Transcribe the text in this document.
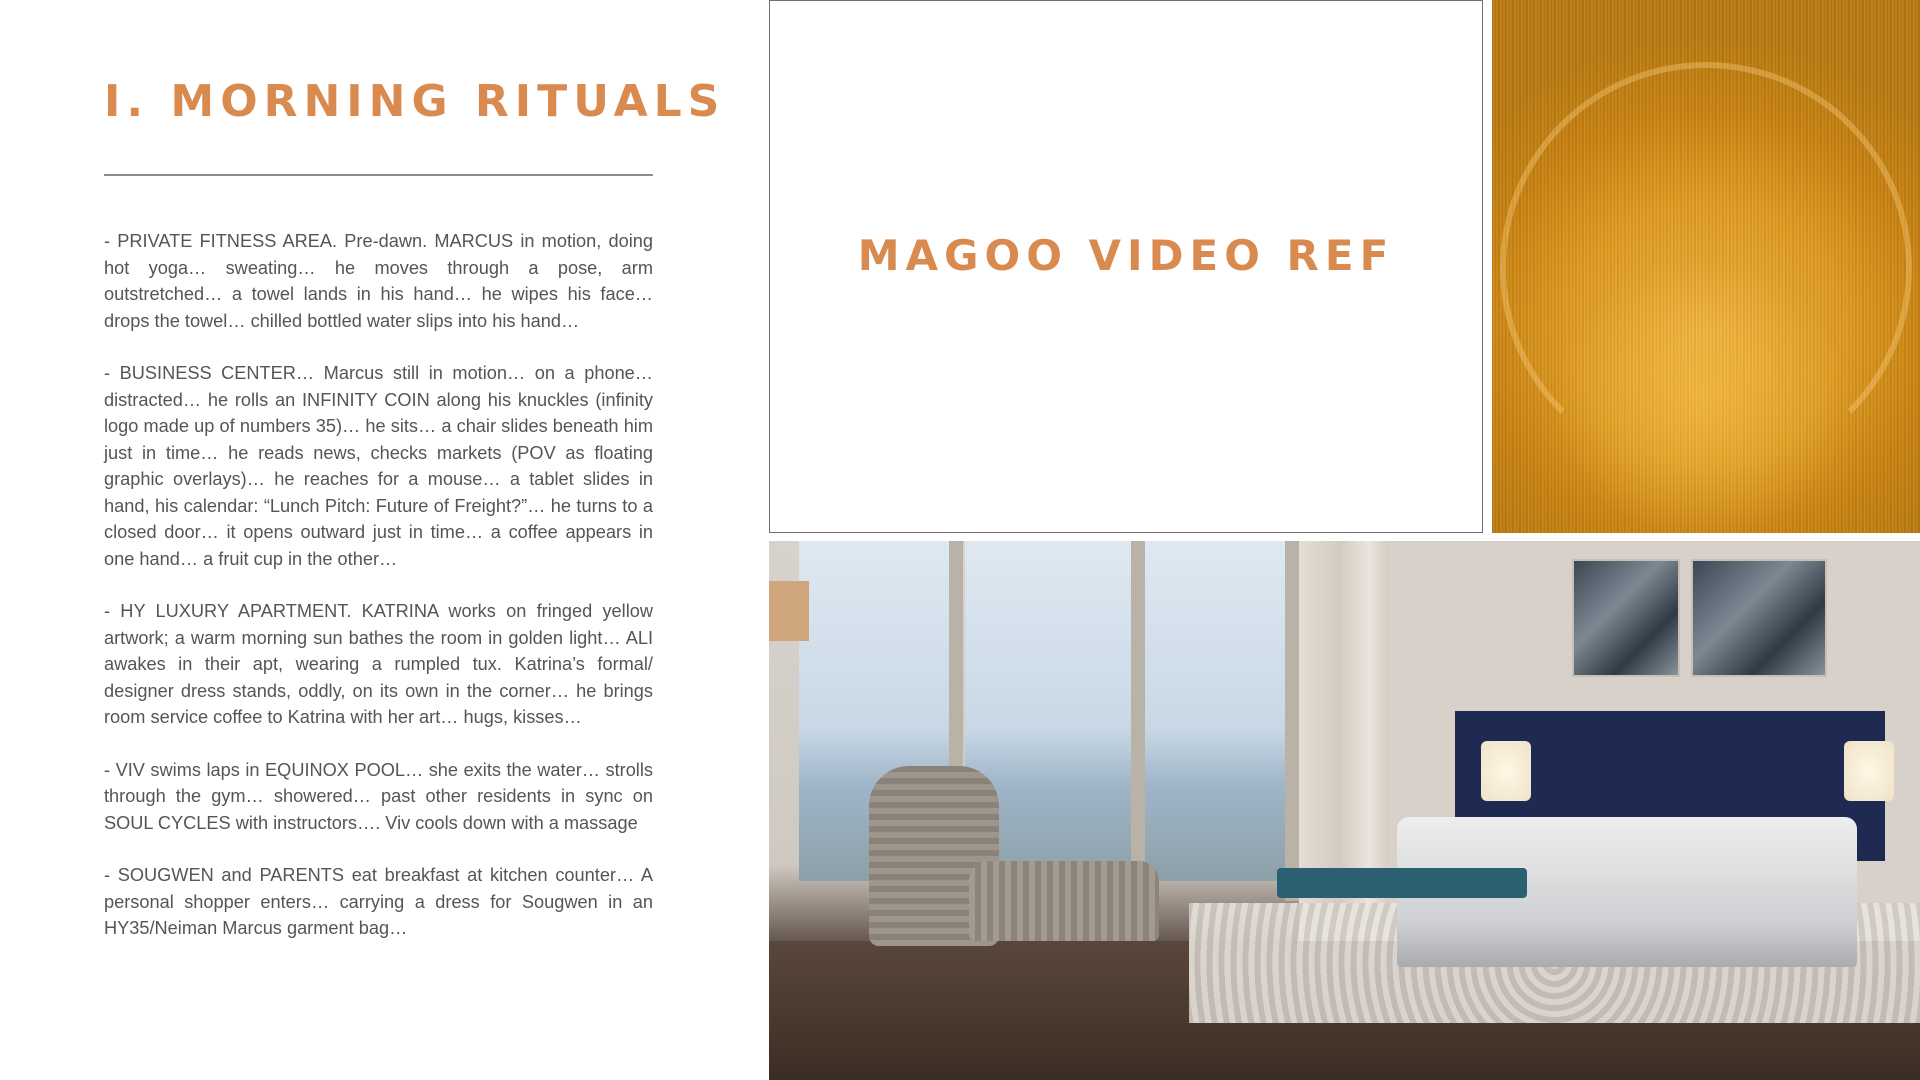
I. MORNING RITUALS

- PRIVATE FITNESS AREA. Pre-dawn. MARCUS in motion, doing hot yoga… sweating… he moves through a pose, arm outstretched… a towel lands in his hand… he wipes his face… drops the towel… chilled bottled water slips into his hand…

- BUSINESS CENTER… Marcus still in motion… on a phone… distracted… he rolls an INFINITY COIN along his knuckles (infinity logo made up of numbers 35)… he sits… a chair slides beneath him just in time… he reads news, checks markets (POV as floating graphic overlays)… he reaches for a mouse… a tablet slides in hand, his calendar: “Lunch Pitch: Future of Freight?”… he turns to a closed door… it opens outward just in time… a coffee appears in one hand… a fruit cup in the other…

- HY LUXURY APARTMENT. KATRINA works on fringed yellow artwork; a warm morning sun bathes the room in golden light… ALI awakes in their apt, wearing a rumpled tux. Katrina’s formal/ designer dress stands, oddly, on its own in the corner… he brings room service coffee to Katrina with her art… hugs, kisses…

- VIV swims laps in EQUINOX POOL… she exits the water… strolls through the gym… showered… past other residents in sync on SOUL CYCLES with instructors…. Viv cools down with a massage

- SOUGWEN and PARENTS eat breakfast at kitchen counter… A personal shopper enters… carrying a dress for Sougwen in an HY35/Neiman Marcus garment bag…

MAGOO VIDEO REF
